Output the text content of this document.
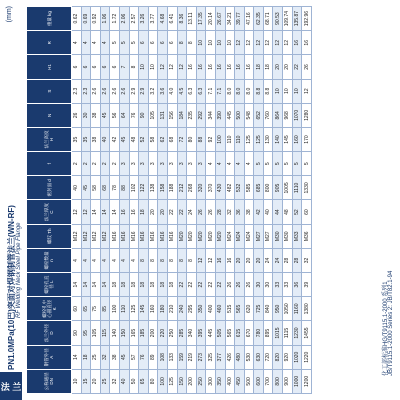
PN1.0MPa(10巴)突面对焊钢制管法兰(WN-RF) RF Welding Neck Steel Pipe Flange
(mm)
公称通径 DN	钢管外径 A	法兰外径 D	螺栓孔中心圆直径 K	螺栓孔直径 L	螺栓数量 n	螺纹 Th	法兰厚度 C	密封面 d	f	法兰高度 H	N	S	H1	R	重量 kg
10	14	90	60	14	4	M12	12	40	2	35	26	2.3	6	4	0.62
15	18	95	65	14	4	M12	12	45	2	35	30	2.3	6	4	0.69
20	25	105	75	14	4	M12	14	58	2	38	38	2.6	6	4	0.92
25	32	115	85	14	4	M12	14	68	2	40	45	2.6	6	4	1.06
32	38	140	100	18	4	M16	14	78	2	42	56	2.6	6	5	1.72
40	45	150	110	18	4	M16	16	88	3	45	64	2.6	7	5	2.06
50	57	165	125	18	4	M16	16	102	3	48	76	2.9	8	5	2.57
65	76	185	145	18	8	M16	18	122	3	52	90	2.9	10	6	3.26
80	89	200	160	18	8	M16	20	138	3	58	105	3.2	10	6	3.77
100	108	220	180	18	8	M16	20	158	3	62	131	3.6	12	6	4.68
125	133	250	210	18	8	M16	22	188	3	68	156	4.0	12	6	6.41
150	159	285	240	22	8	M20	22	212	3	72	184	4.5	12	8	8.36
200	219	340	295	22	8	M20	24	268	3	80	235	6.3	16	8	13.11
250	273	395	350	22	12	M20	26	320	3	88	292	6.3	16	10	17.35
300	325	445	400	22	12	M20	26	370	4	92	344	7.1	16	10	20.14
350	377	505	460	22	16	M20	28	430	4	100	390	7.1	16	10	26.67
400	426	565	515	26	16	M24	32	482	4	110	445	8.0	16	10	34.21
450	480	615	565	26	20	M24	36	532	4	110	500	8.0	16	12	39.77
500	530	670	620	26	20	M24	38	585	4	125	548	8.0	16	12	47.16
600	630	780	725	30	20	M27	42	685	5	125	652	8.8	18	12	62.35
700	720	895	840	30	24	M27	40	800	5	130	760	8.8	18	12	68.71
800	820	1015	950	33	24	M30	44	905	5	140	864	10	20	12	90.53
900	920	1115	1050	33	28	M30	48	1005	5	145	968	10	20	12	109.74
1000	1020	1230	1160	36	28	M33	52	1110	5	160	1070	10	22	16	135.87
1200	1220	1455	1380	39	32	M36	60	1330	5	170	1280	12	26	16	192.96
化工部标准HG/T9115.1-2000 系列1 JB/T9115.1-2000 Series 2: JB/T82.1-94
法 兰
